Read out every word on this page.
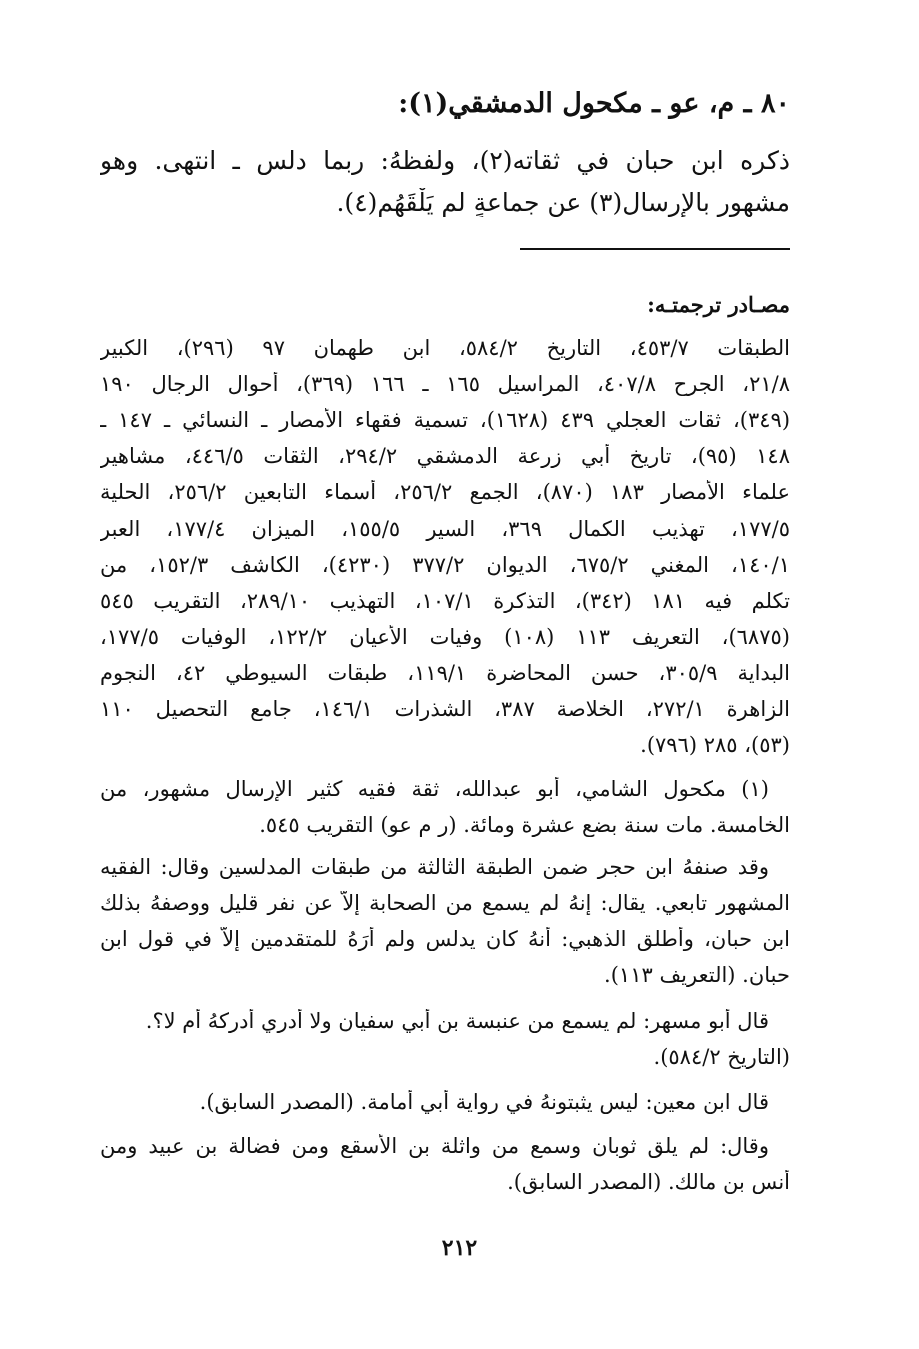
٨٠ ـ م، عو ـ مكحول الدمشقي(١):
ذكره ابن حبان في ثقاته(٢)، ولفظهُ: ربما دلس ـ انتهى. وهو
مشهور بالإرسال(٣) عن جماعةٍ لم يَلْقَهُم(٤).
مصـادر ترجمتـه:
الطبقات ٤٥٣/٧، التاريخ ٥٨٤/٢، ابن طهمان ٩٧ (٢٩٦)، الكبير
٢١/٨، الجرح ٤٠٧/٨، المراسيل ١٦٥ ـ ١٦٦ (٣٦٩)، أحوال الرجال ١٩٠
(٣٤٩)، ثقات العجلي ٤٣٩ (١٦٢٨)، تسمية فقهاء الأمصار ـ النسائي ـ ١٤٧ ـ
١٤٨ (٩٥)، تاريخ أبي زرعة الدمشقي ٢٩٤/٢، الثقات ٤٤٦/٥، مشاهير
علماء الأمصار ١٨٣ (٨٧٠)، الجمع ٢٥٦/٢، أسماء التابعين ٢٥٦/٢، الحلية
١٧٧/٥، تهذيب الكمال ٣٦٩، السير ١٥٥/٥، الميزان ١٧٧/٤، العبر
١٤٠/١، المغني ٦٧٥/٢، الديوان ٣٧٧/٢ (٤٢٣٠)، الكاشف ١٥٢/٣، من
تكلم فيه ١٨١ (٣٤٢)، التذكرة ١٠٧/١، التهذيب ٢٨٩/١٠، التقريب ٥٤٥
(٦٨٧٥)، التعريف ١١٣ (١٠٨) وفيات الأعيان ١٢٢/٢، الوفيات ١٧٧/٥،
البداية ٣٠٥/٩، حسن المحاضرة ١١٩/١، طبقات السيوطي ٤٢، النجوم
الزاهرة ٢٧٢/١، الخلاصة ٣٨٧، الشذرات ١٤٦/١، جامع التحصيل ١١٠
(٥٣)، ٢٨٥ (٧٩٦).
(١) مكحول الشامي، أبو عبدالله، ثقة فقيه كثير الإرسال مشهور، من
الخامسة. مات سنة بضع عشرة ومائة. (ر م عو) التقريب ٥٤٥.
وقد صنفهُ ابن حجر ضمن الطبقة الثالثة من طبقات المدلسين وقال: الفقيه
المشهور تابعي. يقال: إنهُ لم يسمع من الصحابة إلاّ عن نفر قليل ووصفهُ بذلك
ابن حبان، وأطلق الذهبي: أنهُ كان يدلس ولم أرَهُ للمتقدمين إلاّ في قول ابن
حبان. (التعريف ١١٣).
قال أبو مسهر: لم يسمع من عنبسة بن أبي سفيان ولا أدري أدركهُ أم لا؟.
(التاريخ ٥٨٤/٢).
قال ابن معين: ليس يثبتونهُ في رواية أبي أمامة. (المصدر السابق).
وقال: لم يلق ثوبان وسمع من واثلة بن الأسقع ومن فضالة بن عبيد ومن
أنس بن مالك. (المصدر السابق).
٢١٢
